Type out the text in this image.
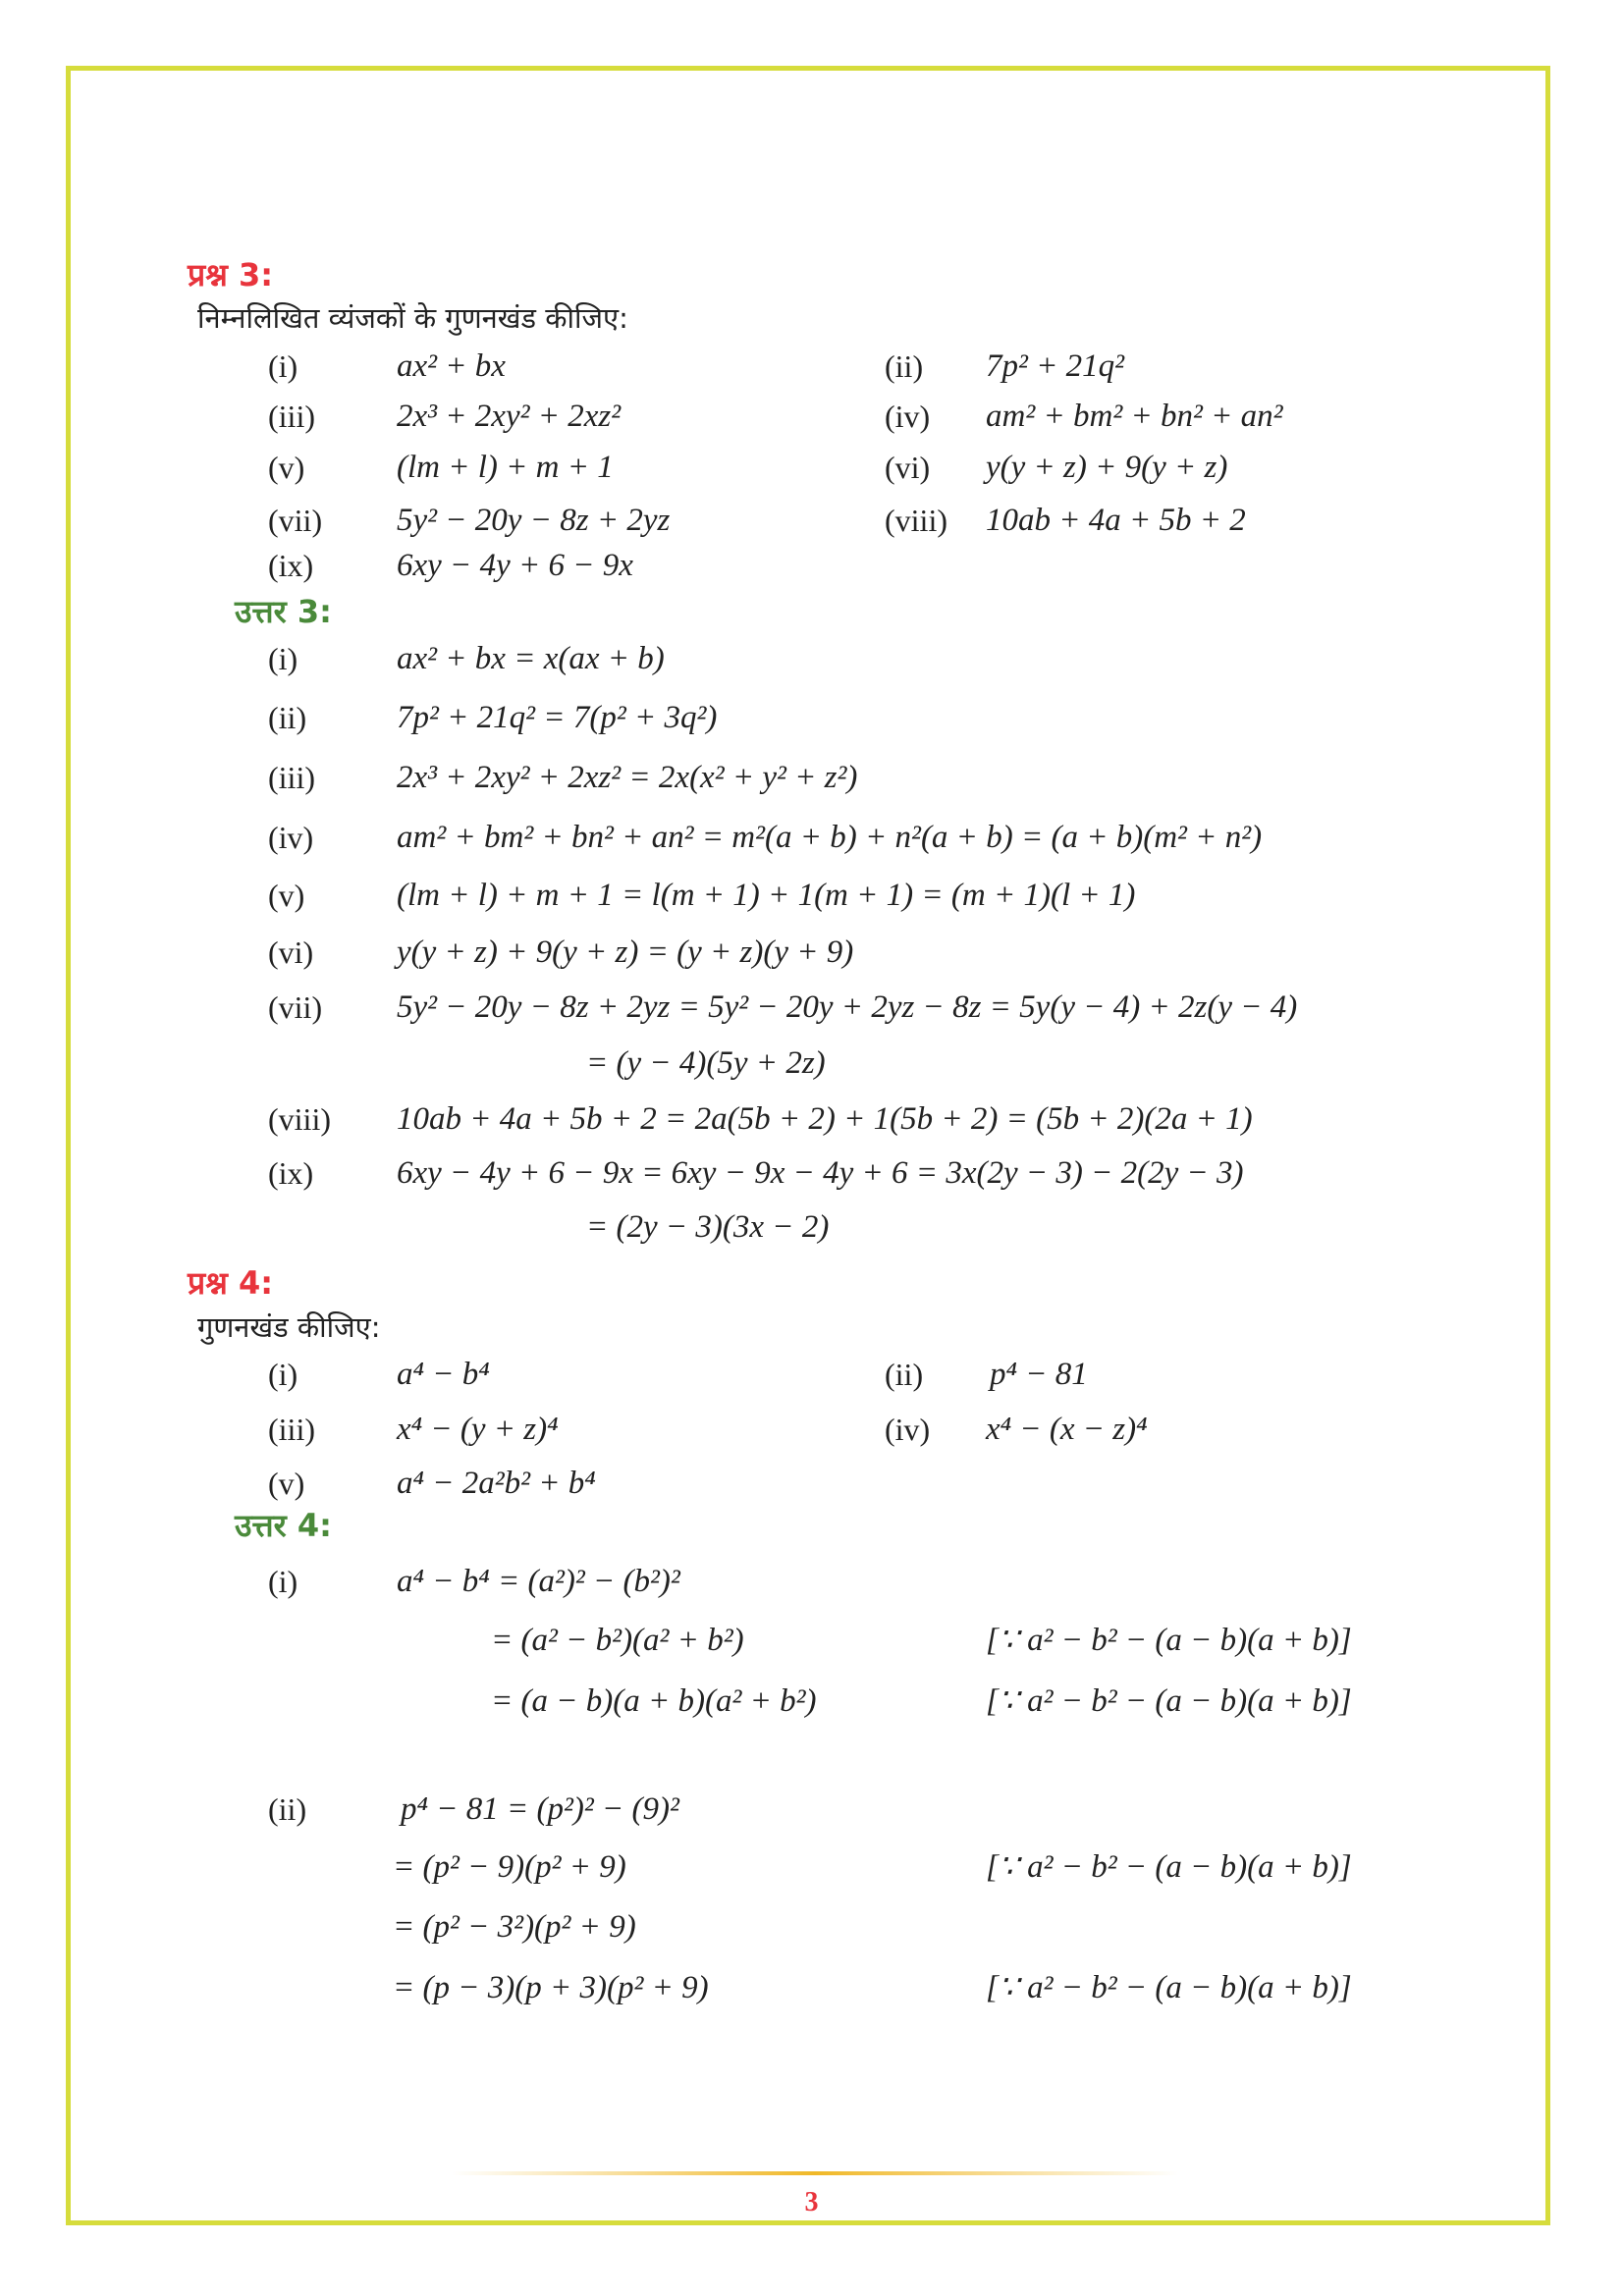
प्रश्न 3:
निम्नलिखित व्यंजकों के गुणनखंड कीजिए:
(i)	ax² + bx	(ii) 7p² + 21q²
(iii)	2x³ + 2xy² + 2xz²	(iv) am² + bm² + bn² + an²
(v)	(lm + l) + m + 1	(vi) y(y + z) + 9(y + z)
(vii) 5y² − 20y − 8z + 2yz	(viii) 10ab + 4a + 5b + 2
(ix)	6xy − 4y + 6 − 9x
उत्तर 3:
(i)	ax² + bx = x(ax + b)
(ii)	7p² + 21q² = 7(p² + 3q²)
(iii)	2x³ + 2xy² + 2xz² = 2x(x² + y² + z²)
(iv)	am² + bm² + bn² + an² = m²(a + b) + n²(a + b) = (a + b)(m² + n²)
(v)	(lm + l) + m + 1 = l(m + 1) + 1(m + 1) = (m + 1)(l + 1)
(vi)	y(y + z) + 9(y + z) = (y + z)(y + 9)
(vii) 5y² − 20y − 8z + 2yz = 5y² − 20y + 2yz − 8z = 5y(y − 4) + 2z(y − 4)
= (y − 4)(5y + 2z)
(viii) 10ab + 4a + 5b + 2 = 2a(5b + 2) + 1(5b + 2) = (5b + 2)(2a + 1)
(ix)	6xy − 4y + 6 − 9x = 6xy − 9x − 4y + 6 = 3x(2y − 3) − 2(2y − 3)
= (2y − 3)(3x − 2)
प्रश्न 4:
गुणनखंड कीजिए:
(i)	a⁴ − b⁴	(ii) p⁴ − 81
(iii)	x⁴ − (y + z)⁴	(iv) x⁴ − (x − z)⁴
(v)	a⁴ − 2a²b² + b⁴
उत्तर 4:
(i)	a⁴ − b⁴ = (a²)² − (b²)²
= (a² − b²)(a² + b²)	[∵ a² − b² − (a − b)(a + b)]
= (a − b)(a + b)(a² + b²)	[∵ a² − b² − (a − b)(a + b)]
(ii)	p⁴ − 81 = (p²)² − (9)²
= (p² − 9)(p² + 9)	[∵ a² − b² − (a − b)(a + b)]
= (p² − 3²)(p² + 9)
= (p − 3)(p + 3)(p² + 9)	[∵ a² − b² − (a − b)(a + b)]
3
